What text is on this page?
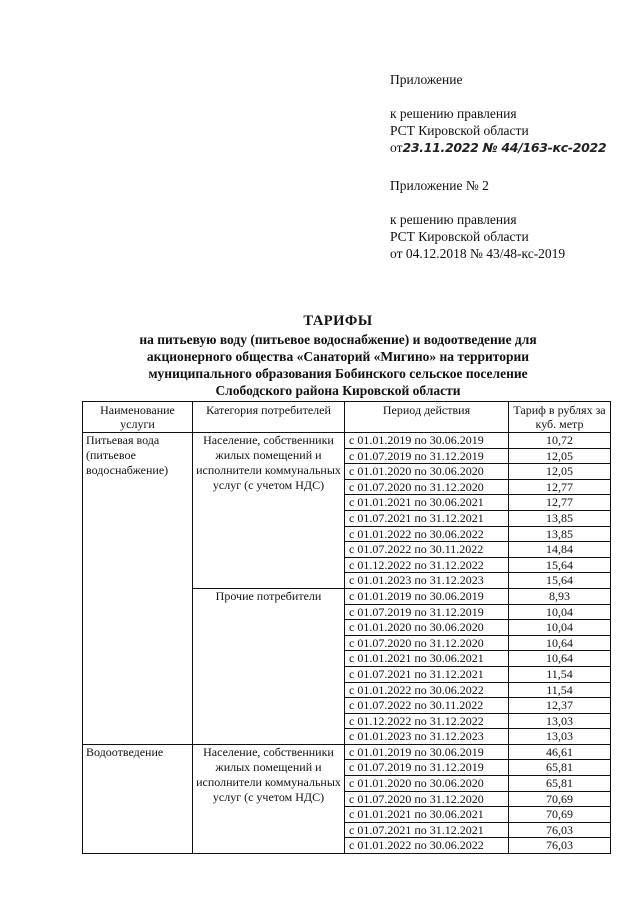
Приложение
к решению правления
РСТ Кировской области
от23.11.2022 № 44/163-кс-2022
Приложение № 2
к решению правления
РСТ Кировской области
от 04.12.2018 № 43/48-кс-2019
ТАРИФЫ
на питьевую воду (питьевое водоснабжение) и водоотведение для
акционерного общества «Санаторий «Мигино» на территории
муниципального образования Бобинского сельское поселение
Слободского района Кировской области
Наименование услуги	Категория потребителей	Период действия	Тариф в рублях за куб. метр
Питьевая вода (питьевое водоснабжение)	Население, собственники жилых помещений и исполнители коммунальных услуг (с учетом НДС)	с 01.01.2019 по 30.06.2019	10,72
		с 01.07.2019 по 31.12.2019	12,05
		с 01.01.2020 по 30.06.2020	12,05
		с 01.07.2020 по 31.12.2020	12,77
		с 01.01.2021 по 30.06.2021	12,77
		с 01.07.2021 по 31.12.2021	13,85
		с 01.01.2022 по 30.06.2022	13,85
		с 01.07.2022 по 30.11.2022	14,84
		с 01.12.2022 по 31.12.2022	15,64
		с 01.01.2023 по 31.12.2023	15,64
	Прочие потребители	с 01.01.2019 по 30.06.2019	8,93
		с 01.07.2019 по 31.12.2019	10,04
		с 01.01.2020 по 30.06.2020	10,04
		с 01.07.2020 по 31.12.2020	10,64
		с 01.01.2021 по 30.06.2021	10,64
		с 01.07.2021 по 31.12.2021	11,54
		с 01.01.2022 по 30.06.2022	11,54
		с 01.07.2022 по 30.11.2022	12,37
		с 01.12.2022 по 31.12.2022	13,03
		с 01.01.2023 по 31.12.2023	13,03
Водоотведение	Население, собственники жилых помещений и исполнители коммунальных услуг (с учетом НДС)	с 01.01.2019 по 30.06.2019	46,61
		с 01.07.2019 по 31.12.2019	65,81
		с 01.01.2020 по 30.06.2020	65,81
		с 01.07.2020 по 31.12.2020	70,69
		с 01.01.2021 по 30.06.2021	70,69
		с 01.07.2021 по 31.12.2021	76,03
		с 01.01.2022 по 30.06.2022	76,03
